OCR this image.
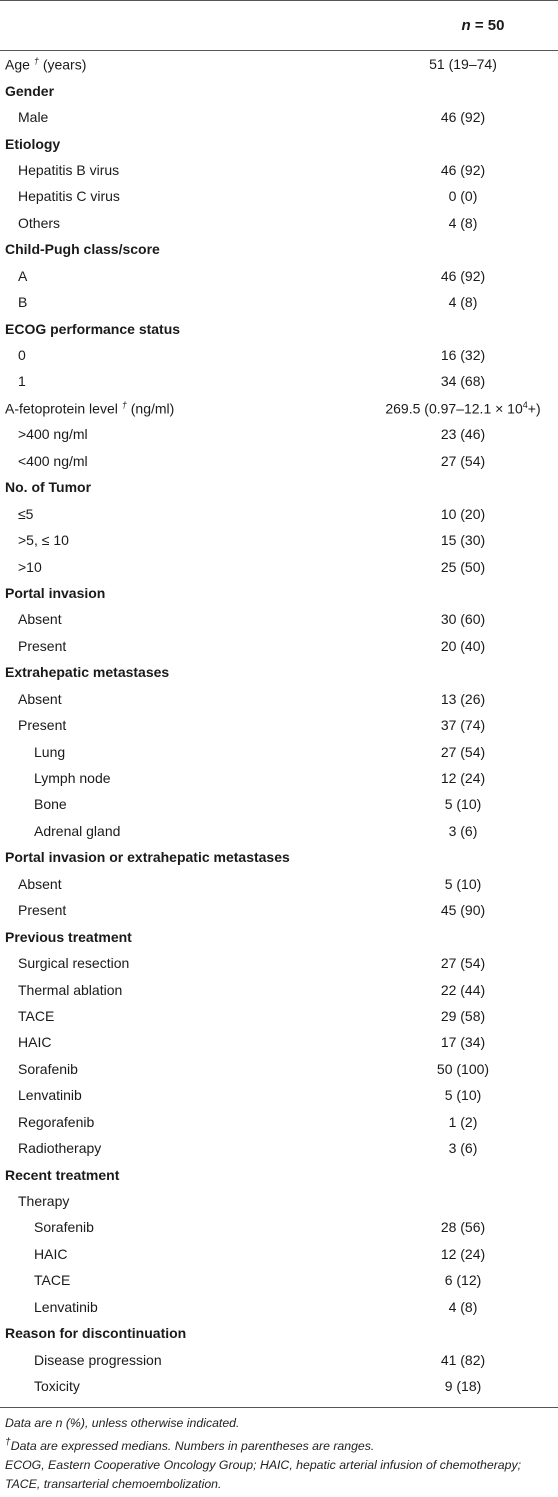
n = 50
Age † (years)	51 (19–74)
Gender
Male	46 (92)
Etiology
Hepatitis B virus	46 (92)
Hepatitis C virus	0 (0)
Others	4 (8)
Child-Pugh class/score
A	46 (92)
B	4 (8)
ECOG performance status
0	16 (32)
1	34 (68)
A-fetoprotein level † (ng/ml)	269.5 $(0.97-12.1 \times 10^4+)$
>400 ng/ml	23 (46)
<400 ng/ml	27 (54)
No. of Tumor
≤5	10 (20)
>5, ≤ 10	15 (30)
>10	25 (50)
Portal invasion
Absent	30 (60)
Present	20 (40)
Extrahepatic metastases
Absent	13 (26)
Present	37 (74)
Lung	27 (54)
Lymph node	12 (24)
Bone	5 (10)
Adrenal gland	3 (6)
Portal invasion or extrahepatic metastases
Absent	5 (10)
Present	45 (90)
Previous treatment
Surgical resection	27 (54)
Thermal ablation	22 (44)
TACE	29 (58)
HAIC	17 (34)
Sorafenib	50 (100)
Lenvatinib	5 (10)
Regorafenib	1 (2)
Radiotherapy	3 (6)
Recent treatment
Therapy
Sorafenib	28 (56)
HAIC	12 (24)
TACE	6 (12)
Lenvatinib	4 (8)
Reason for discontinuation
Disease progression	41 (82)
Toxicity	9 (18)
Data are n (%), unless otherwise indicated.
†Data are expressed medians. Numbers in parentheses are ranges.
ECOG, Eastern Cooperative Oncology Group; HAIC, hepatic arterial infusion of chemotherapy; TACE, transarterial chemoembolization.
